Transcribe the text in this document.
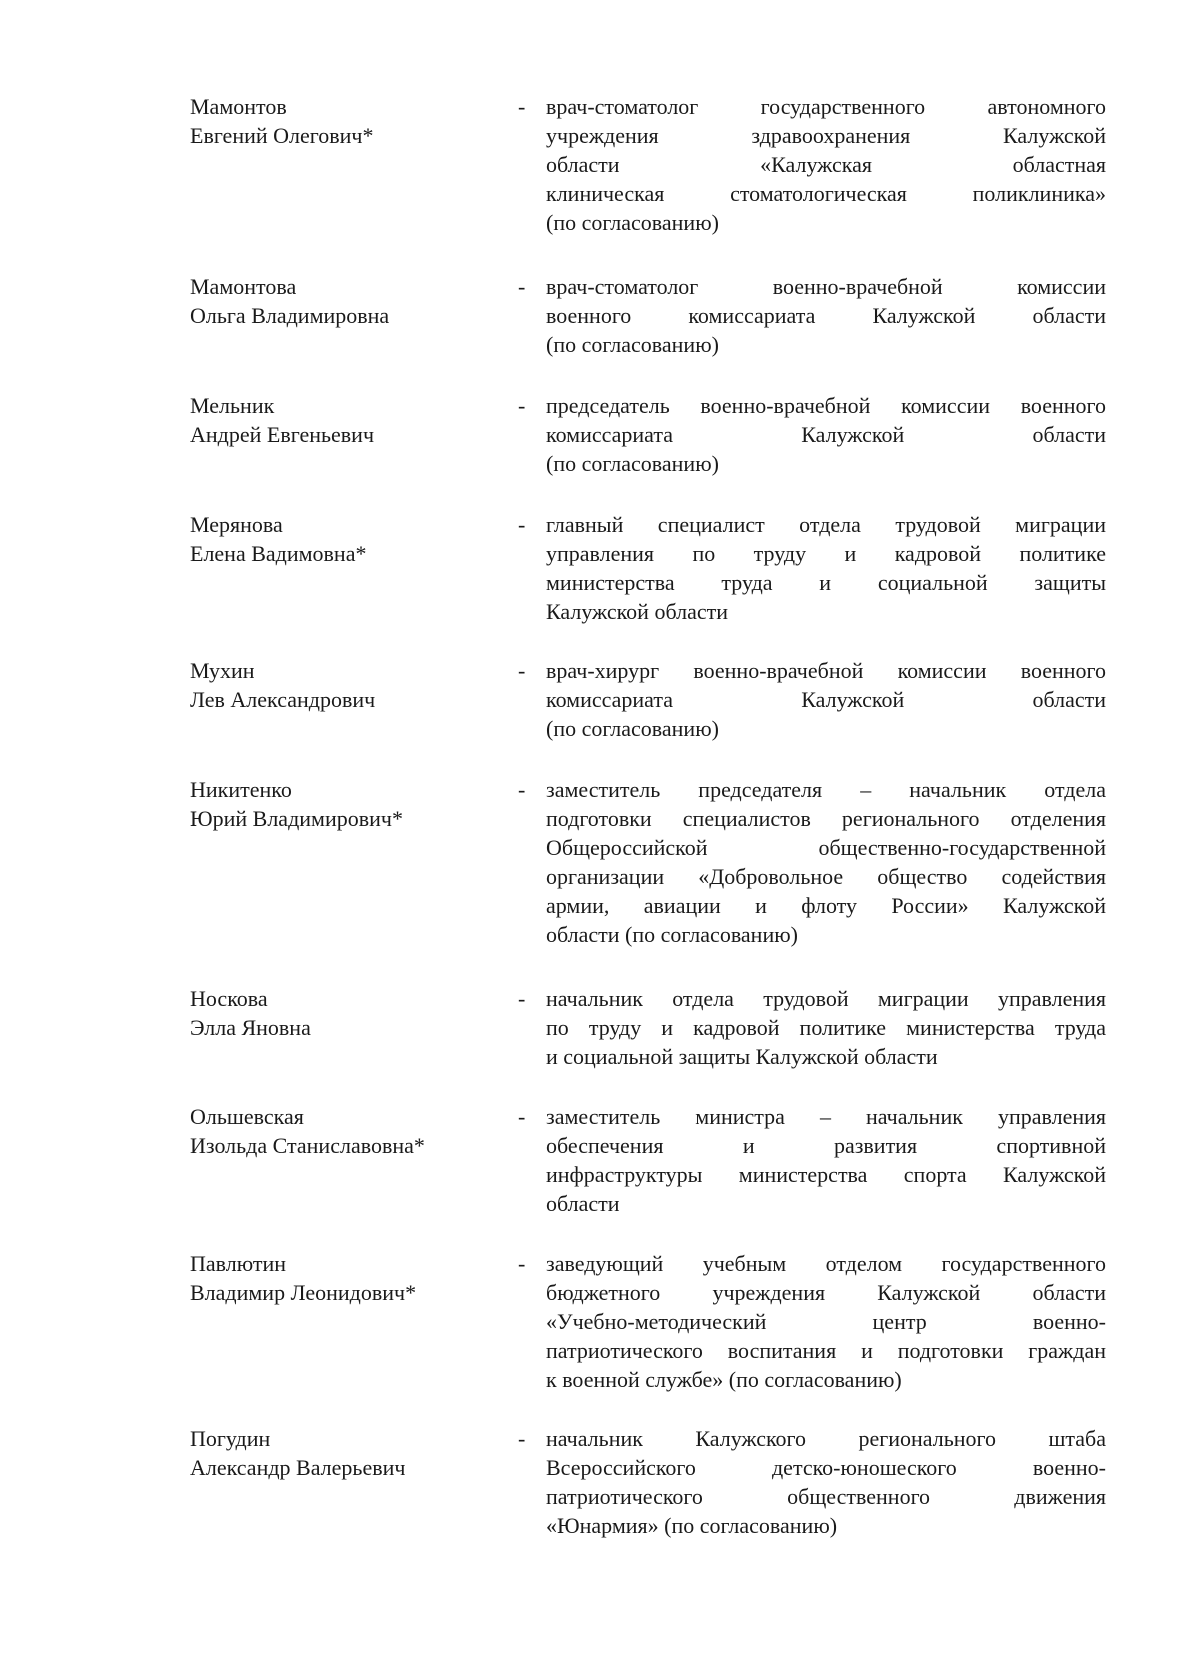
Мамонтов
Евгений Олегович*
- врач-стоматолог государственного автономного
учреждения здравоохранения Калужской
области «Калужская областная
клиническая стоматологическая поликлиника»
(по согласованию)
Мамонтова
Ольга Владимировна
- врач-стоматолог военно-врачебной комиссии
военного комиссариата Калужской области
(по согласованию)
Мельник
Андрей Евгеньевич
- председатель военно-врачебной комиссии военного
комиссариата Калужской области
(по согласованию)
Мерянова
Елена Вадимовна*
- главный специалист отдела трудовой миграции
управления по труду и кадровой политике
министерства труда и социальной защиты
Калужской области
Мухин
Лев Александрович
- врач-хирург военно-врачебной комиссии военного
комиссариата Калужской области
(по согласованию)
Никитенко
Юрий Владимирович*
- заместитель председателя – начальник отдела
подготовки специалистов регионального отделения
Общероссийской общественно-государственной
организации «Добровольное общество содействия
армии, авиации и флоту России» Калужской
области (по согласованию)
Носкова
Элла Яновна
- начальник отдела трудовой миграции управления
по труду и кадровой политике министерства труда
и социальной защиты Калужской области
Ольшевская
Изольда Станиславовна*
- заместитель министра – начальник управления
обеспечения и развития спортивной
инфраструктуры министерства спорта Калужской
области
Павлютин
Владимир Леонидович*
- заведующий учебным отделом государственного
бюджетного учреждения Калужской области
«Учебно-методический центр военно-
патриотического воспитания и подготовки граждан
к военной службе» (по согласованию)
Погудин
Александр Валерьевич
- начальник Калужского регионального штаба
Всероссийского детско-юношеского военно-
патриотического общественного движения
«Юнармия» (по согласованию)
